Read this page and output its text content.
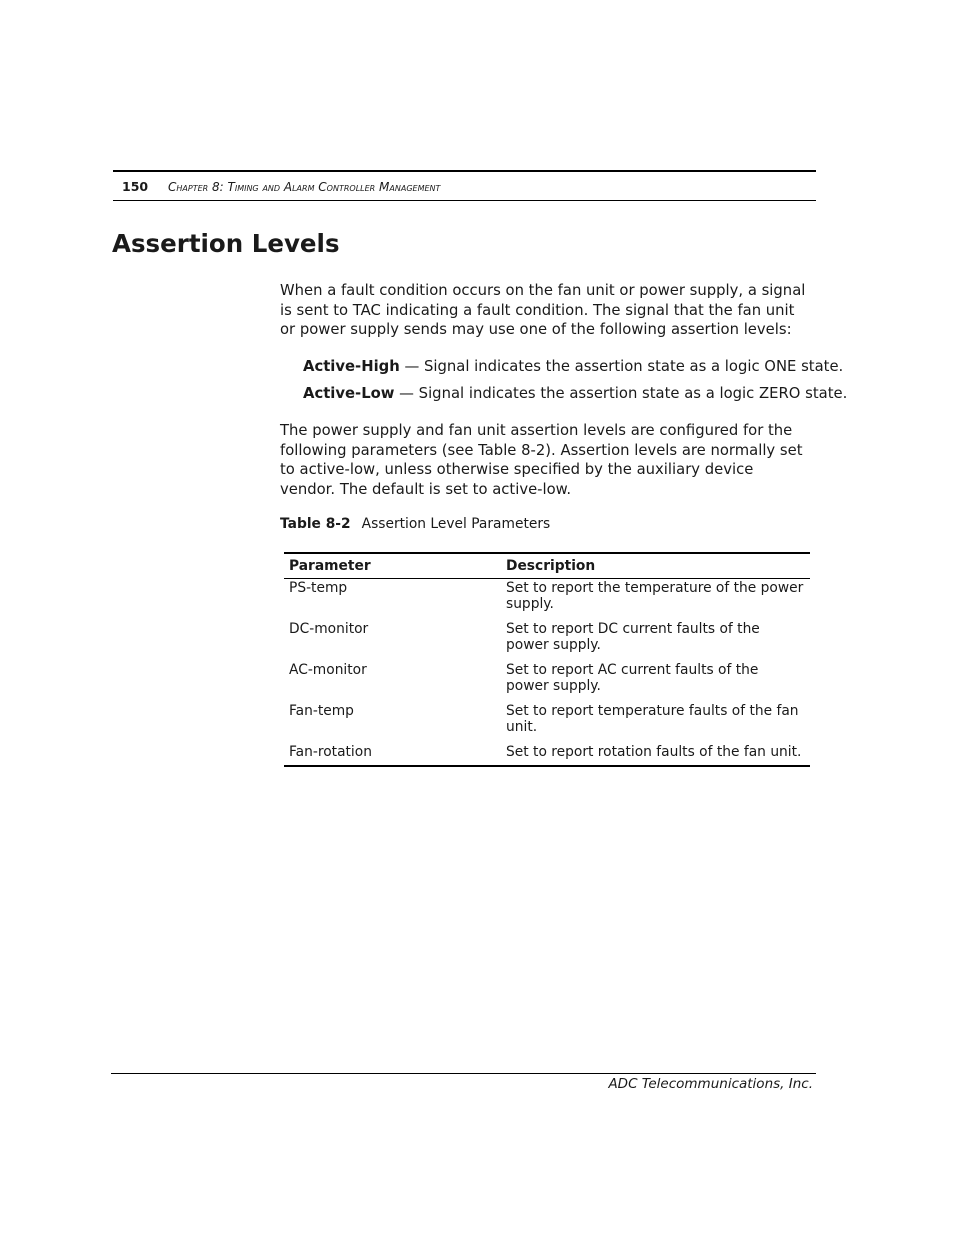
150 Chapter 8: Timing and Alarm Controller Management
Assertion Levels

When a fault condition occurs on the fan unit or power supply, a signal is sent to TAC indicating a fault condition. The signal that the fan unit or power supply sends may use one of the following assertion levels:

Active-High — Signal indicates the assertion state as a logic ONE state.

Active-Low — Signal indicates the assertion state as a logic ZERO state.

The power supply and fan unit assertion levels are configured for the following parameters (see Table 8-2). Assertion levels are normally set to active-low, unless otherwise specified by the auxiliary device vendor. The default is set to active-low.

Table 8-2 Assertion Level Parameters
Parameter	Description
PS-temp	Set to report the temperature of the power supply.
DC-monitor	Set to report DC current faults of the power supply.
AC-monitor	Set to report AC current faults of the power supply.
Fan-temp	Set to report temperature faults of the fan unit.
Fan-rotation	Set to report rotation faults of the fan unit.
ADC Telecommunications, Inc.
